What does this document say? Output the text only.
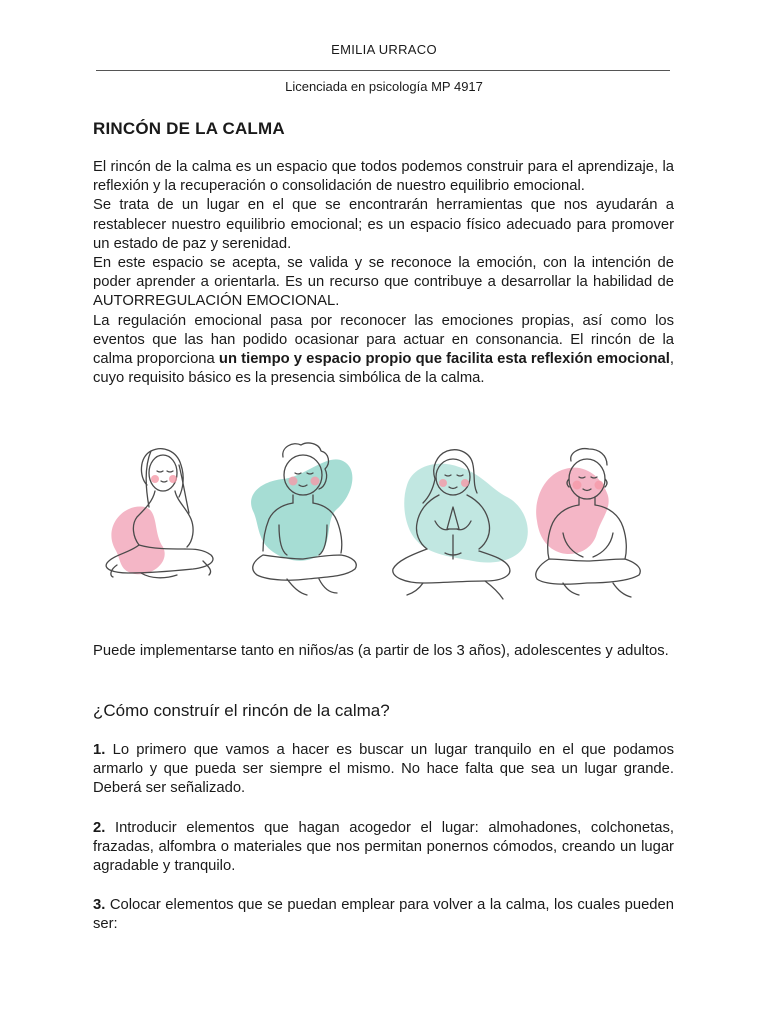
EMILIA URRACO
Licenciada en psicología MP 4917
RINCÓN DE LA CALMA

El rincón de la calma es un espacio que todos podemos construir para el aprendizaje, la reflexión y la recuperación o consolidación de nuestro equilibrio emocional.

Se trata de un lugar en el que se encontrarán herramientas que nos ayudarán a restablecer nuestro equilibrio emocional; es un espacio físico adecuado para promover un estado de paz y serenidad.

En este espacio se acepta, se valida y se reconoce la emoción, con la intención de poder aprender a orientarla. Es un recurso que contribuye a desarrollar la habilidad de AUTORREGULACIÓN EMOCIONAL.

La regulación emocional pasa por reconocer las emociones propias, así como los eventos que las han podido ocasionar para actuar en consonancia. El rincón de la calma proporciona un tiempo y espacio propio que facilita esta reflexión emocional, cuyo requisito básico es la presencia simbólica de la calma.

Puede implementarse tanto en niños/as (a partir de los 3 años), adolescentes y adultos.
¿Cómo construír el rincón de la calma?
1. Lo primero que vamos a hacer es buscar un lugar tranquilo en el que podamos armarlo y que pueda ser siempre el mismo. No hace falta que sea un lugar grande. Deberá ser señalizado.
2. Introducir elementos que hagan acogedor el lugar: almohadones, colchonetas, frazadas, alfombra o materiales que nos permitan ponernos cómodos, creando un lugar agradable y tranquilo.
3. Colocar elementos que se puedan emplear para volver a la calma, los cuales pueden ser:
